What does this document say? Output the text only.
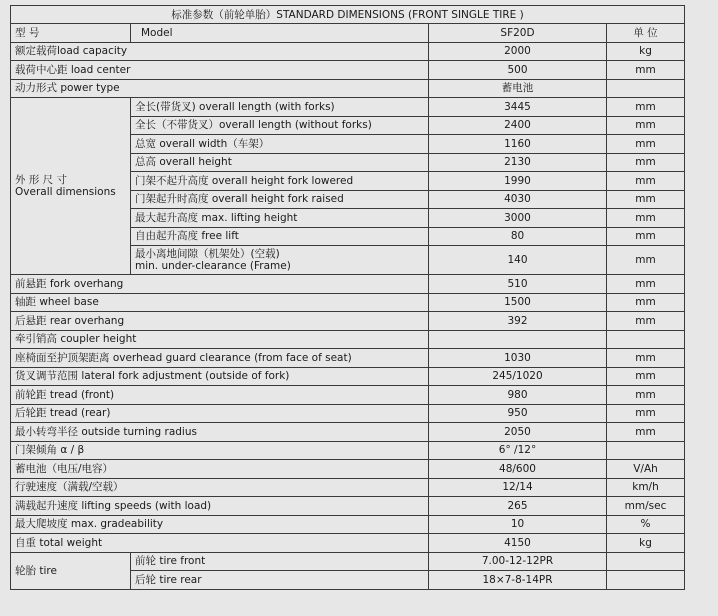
标准参数（前轮单胎）STANDARD DIMENSIONS (FRONT SINGLE TIRE )			
型 号	Model	SF20D	单 位
额定载荷load capacity		2000	kg
载荷中心距 load center		500	mm
动力形式 power type		蓄电池	

外 形 尺 寸
Overall dimensions	全长(带货叉) overall length (with forks)	3445	mm
	全长（不带货叉）overall length (without forks)	2400	mm
	总宽 overall width（车架）	1160	mm
	总高 overall height	2130	mm
	门架不起升高度 overall height fork lowered	1990	mm
	门架起升时高度 overall height fork raised	4030	mm
	最大起升高度 max. lifting height	3000	mm
	自由起升高度 free lift	80	mm

	最小离地间隙（机架处）(空载)
min. under-clearance (Frame)	140	mm
前悬距 fork overhang		510	mm
轴距 wheel base		1500	mm
后悬距 rear overhang		392	mm
牵引销高 coupler height			
座椅面至护顶架距离 overhead guard clearance (from face of seat)		1030	mm
货叉调节范围 lateral fork adjustment (outside of fork)		245/1020	mm
前轮距 tread (front)		980	mm
后轮距 tread (rear)		950	mm
最小转弯半径 outside turning radius		2050	mm
门架倾角 α / β		6° /12°	
蓄电池（电压/电容）		48/600	V/Ah
行驶速度（满载/空载）		12/14	km/h
满载起升速度 lifting speeds (with load)		265	mm/sec
最大爬坡度 max. gradeability		10	%
自重 total weight		4150	kg
轮胎 tire	前轮 tire front	7.00-12-12PR	
	后轮 tire rear	18×7-8-14PR	
